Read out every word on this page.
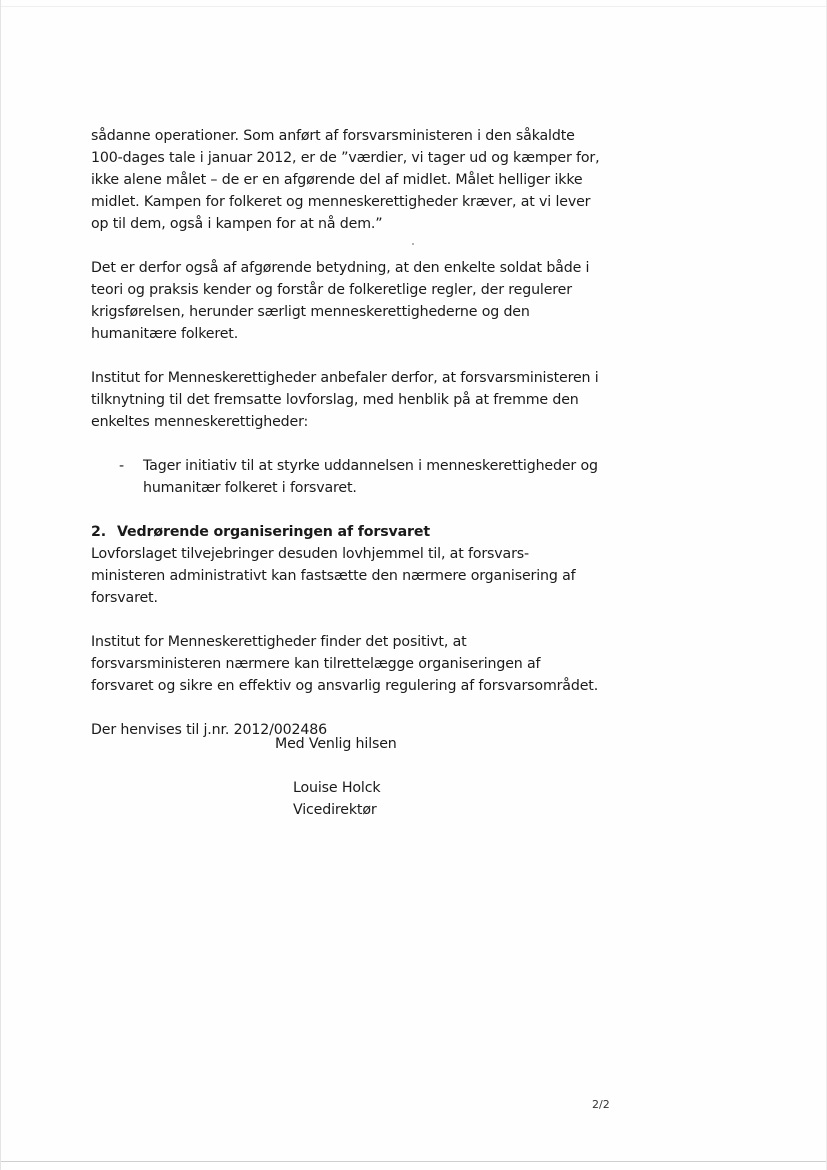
sådanne operationer. Som anført af forsvarsministeren i den såkaldte
100-dages tale i januar 2012, er de ”værdier, vi tager ud og kæmper for,
ikke alene målet – de er en afgørende del af midlet. Målet helliger ikke
midlet. Kampen for folkeret og menneskerettigheder kræver, at vi lever
op til dem, også i kampen for at nå dem.”

Det er derfor også af afgørende betydning, at den enkelte soldat både i
teori og praksis kender og forstår de folkeretlige regler, der regulerer
krigsførelsen, herunder særligt menneskerettighederne og den
humanitære folkeret.

Institut for Menneskerettigheder anbefaler derfor, at forsvarsministeren i
tilknytning til det fremsatte lovforslag, med henblik på at fremme den
enkeltes menneskerettigheder:

- Tager initiativ til at styrke uddannelsen i menneskerettigheder og
humanitær folkeret i forsvaret.

2. Vedrørende organiseringen af forsvaret

Lovforslaget tilvejebringer desuden lovhjemmel til, at forsvars-
ministeren administrativt kan fastsætte den nærmere organisering af
forsvaret.

Institut for Menneskerettigheder finder det positivt, at
forsvarsministeren nærmere kan tilrettelægge organiseringen af
forsvaret og sikre en effektiv og ansvarlig regulering af forsvarsområdet.

Der henvises til j.nr. 2012/002486

Med Venlig hilsen
Louise Holck
Vicedirektør
2/2
